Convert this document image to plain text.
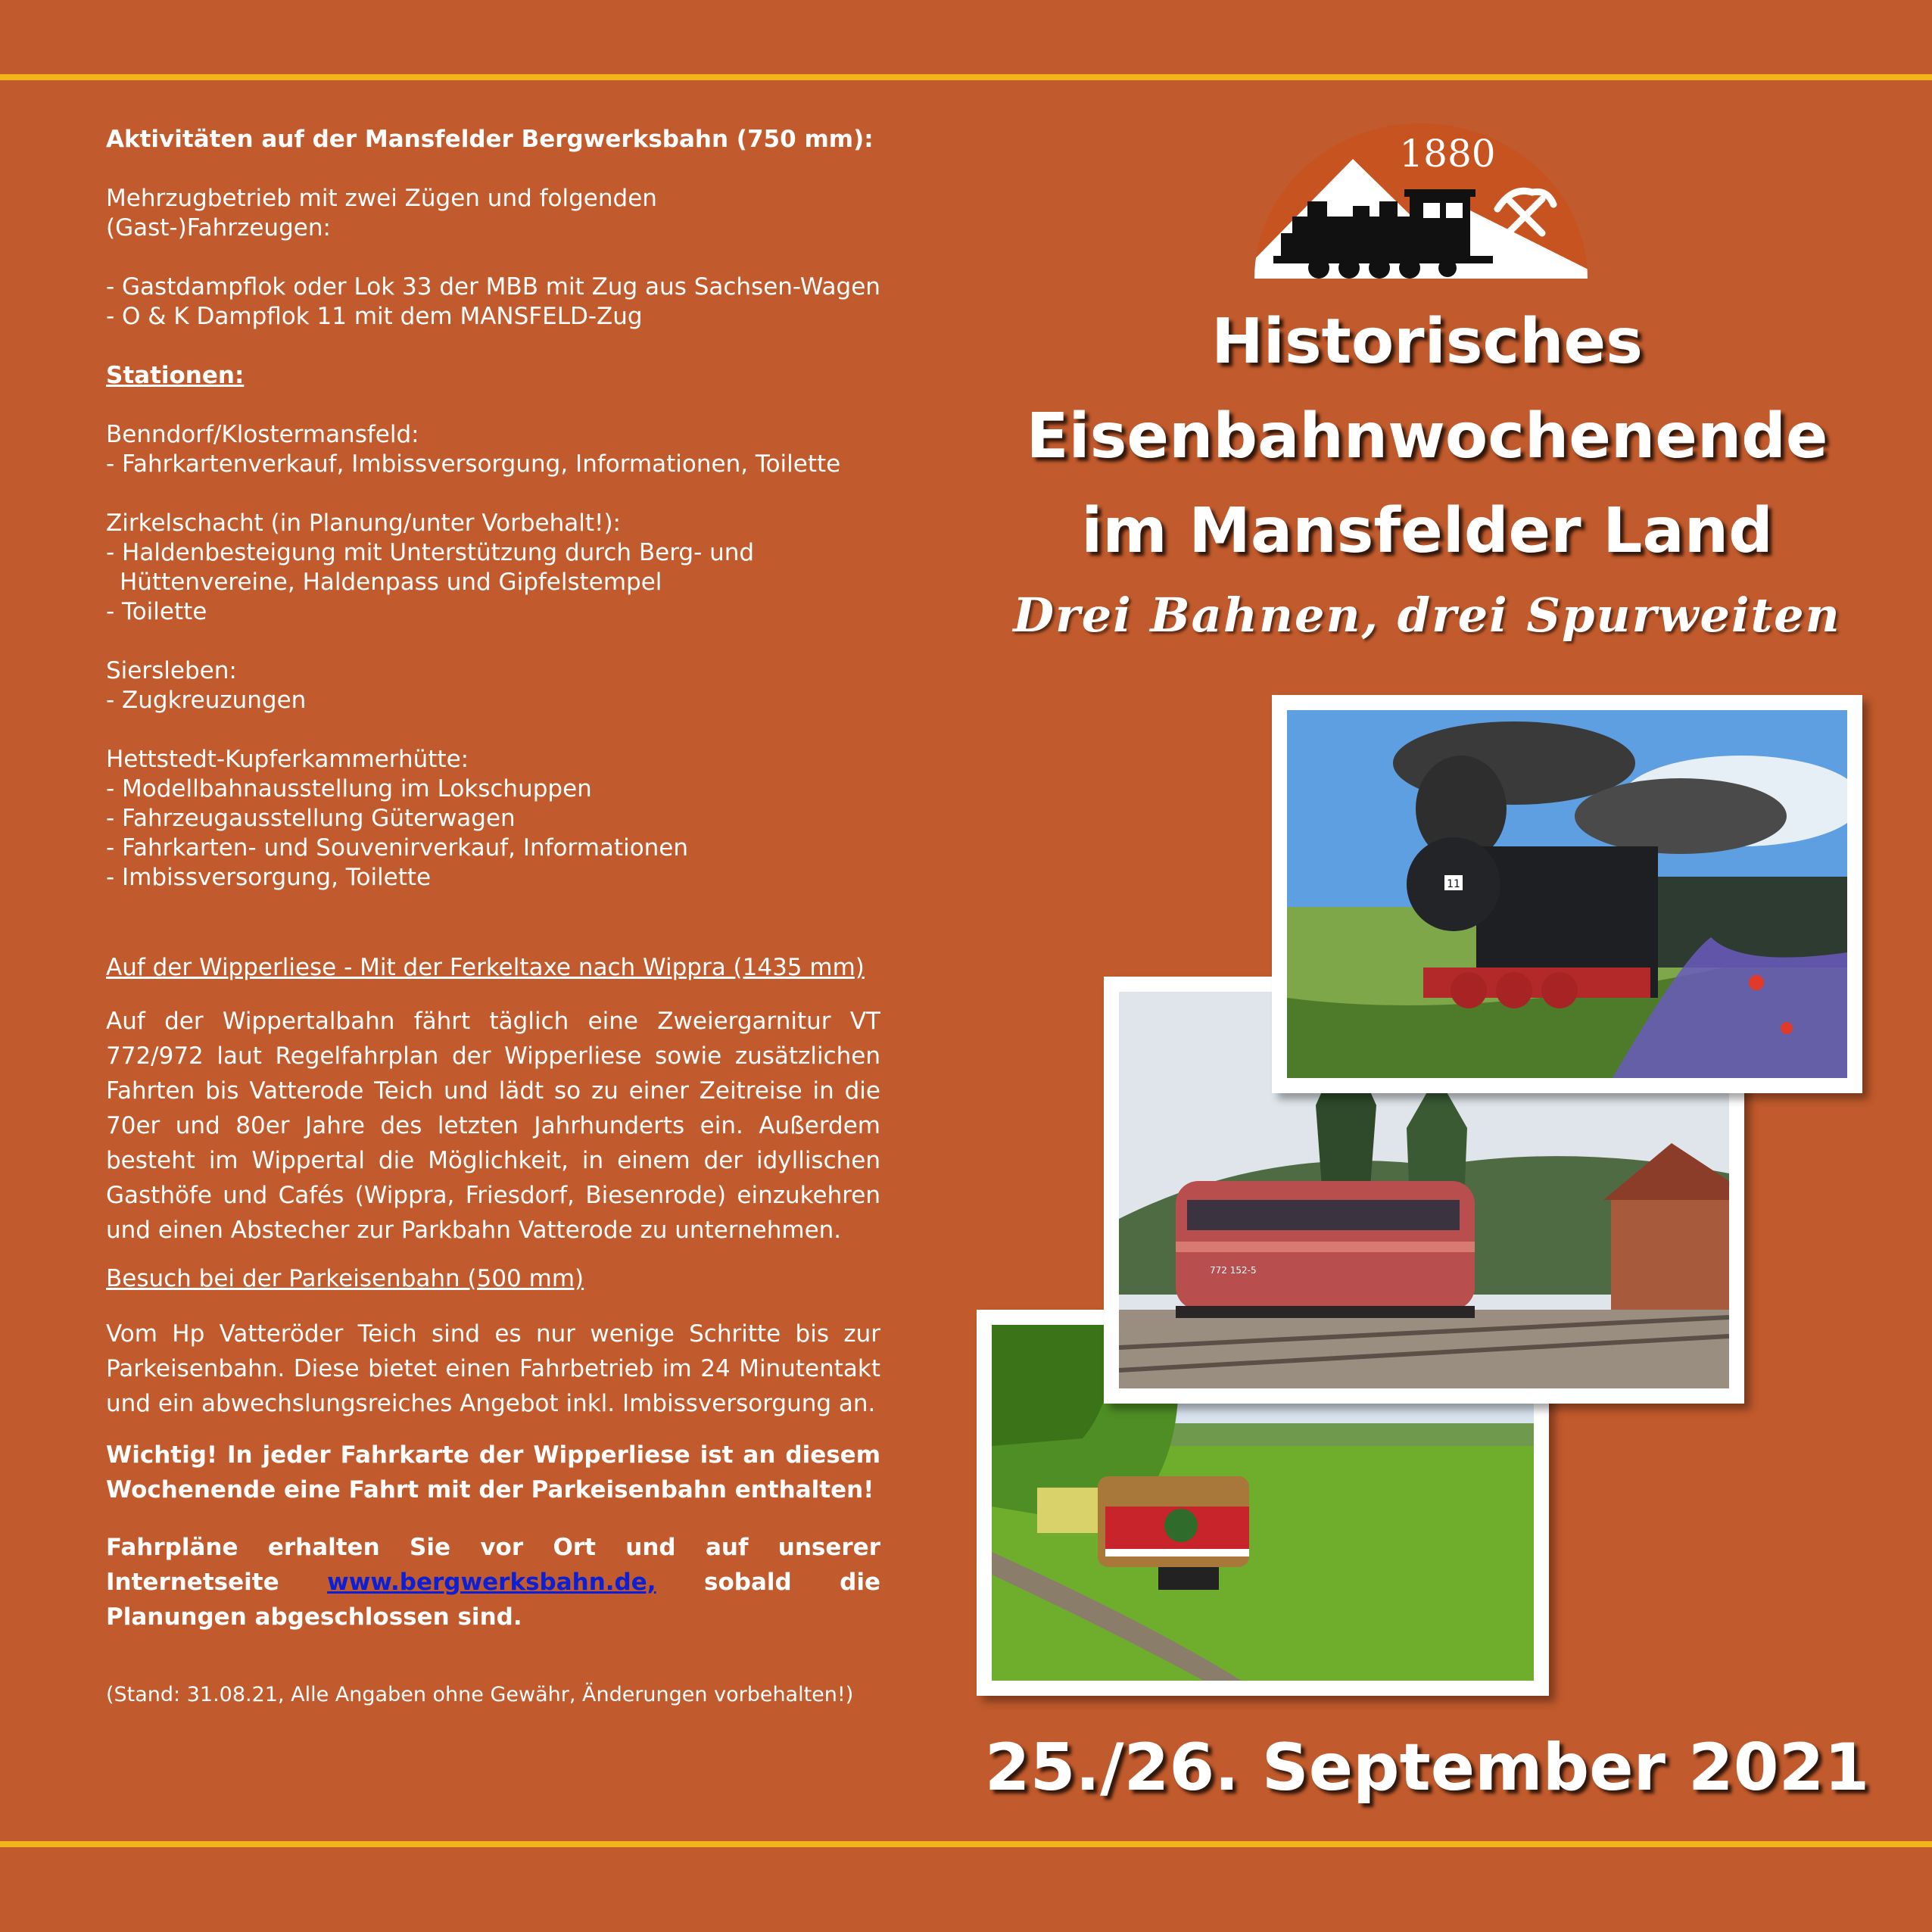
Aktivitäten auf der Mansfelder Bergwerksbahn (750 mm):

Mehrzugbetrieb mit zwei Zügen und folgenden (Gast-)Fahrzeugen:

- Gastdampflok oder Lok 33 der MBB mit Zug aus Sachsen-Wagen

- O & K Dampflok 11 mit dem MANSFELD-Zug

Stationen:

Benndorf/Klostermansfeld:

- Fahrkartenverkauf, Imbissversorgung, Informationen, Toilette

Zirkelschacht (in Planung/unter Vorbehalt!):

- Haldenbesteigung mit Unterstützung durch Berg- und

Hüttenvereine, Haldenpass und Gipfelstempel

- Toilette

Siersleben:

- Zugkreuzungen

Hettstedt-Kupferkammerhütte:

- Modellbahnausstellung im Lokschuppen

- Fahrzeugausstellung Güterwagen

- Fahrkarten- und Souvenirverkauf, Informationen

- Imbissversorgung, Toilette

Auf der Wipperliese - Mit der Ferkeltaxe nach Wippra (1435 mm)

Auf der Wippertalbahn fährt täglich eine Zweiergarnitur VT 772/972 laut Regelfahrplan der Wipperliese sowie zusätzlichen Fahrten bis Vatterode Teich und lädt so zu einer Zeitreise in die 70er und 80er Jahre des letzten Jahrhunderts ein. Außerdem besteht im Wippertal die Möglichkeit, in einem der idyllischen Gasthöfe und Cafés (Wippra, Friesdorf, Biesenrode) einzukehren und einen Abstecher zur Parkbahn Vatterode zu unternehmen.

Besuch bei der Parkeisenbahn (500 mm)

Vom Hp Vatteröder Teich sind es nur wenige Schritte bis zur Parkeisenbahn. Diese bietet einen Fahrbetrieb im 24 Minutentakt und ein abwechslungsreiches Angebot inkl. Imbissversorgung an.

Wichtig! In jeder Fahrkarte der Wipperliese ist an diesem Wochenende eine Fahrt mit der Parkeisenbahn enthalten!

Fahrpläne erhalten Sie vor Ort und auf unserer Internetseite www.bergwerksbahn.de, sobald die Planungen abgeschlossen sind.

(Stand: 31.08.21, Alle Angaben ohne Gewähr, Änderungen vorbehalten!)

1880
Historisches
Eisenbahnwochenende
im Mansfelder Land
Drei Bahnen, drei Spurweiten
772 152-5
11
25./26. September 2021
